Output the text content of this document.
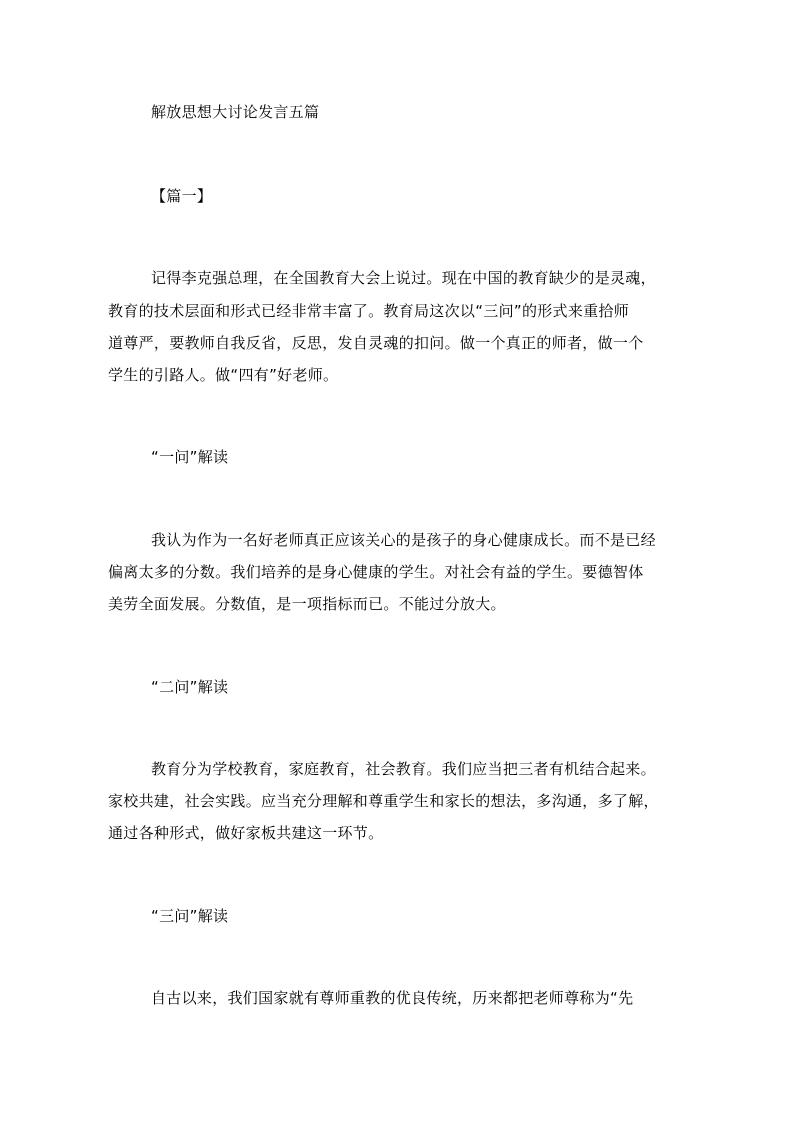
解放思想大讨论发言五篇
【篇一】
记得李克强总理，在全国教育大会上说过。现在中国的教育缺少的是灵魂，
教育的技术层面和形式已经非常丰富了。教育局这次以“三问”的形式来重拾师
道尊严，要教师自我反省，反思，发自灵魂的扣问。做一个真正的师者，做一个
学生的引路人。做“四有”好老师。
“一问”解读
我认为作为一名好老师真正应该关心的是孩子的身心健康成长。而不是已经
偏离太多的分数。我们培养的是身心健康的学生。对社会有益的学生。要德智体
美劳全面发展。分数值，是一项指标而已。不能过分放大。
“二问”解读
教育分为学校教育，家庭教育，社会教育。我们应当把三者有机结合起来。
家校共建，社会实践。应当充分理解和尊重学生和家长的想法，多沟通，多了解，
通过各种形式，做好家板共建这一环节。
“三问”解读
自古以来，我们国家就有尊师重教的优良传统，历来都把老师尊称为“先
